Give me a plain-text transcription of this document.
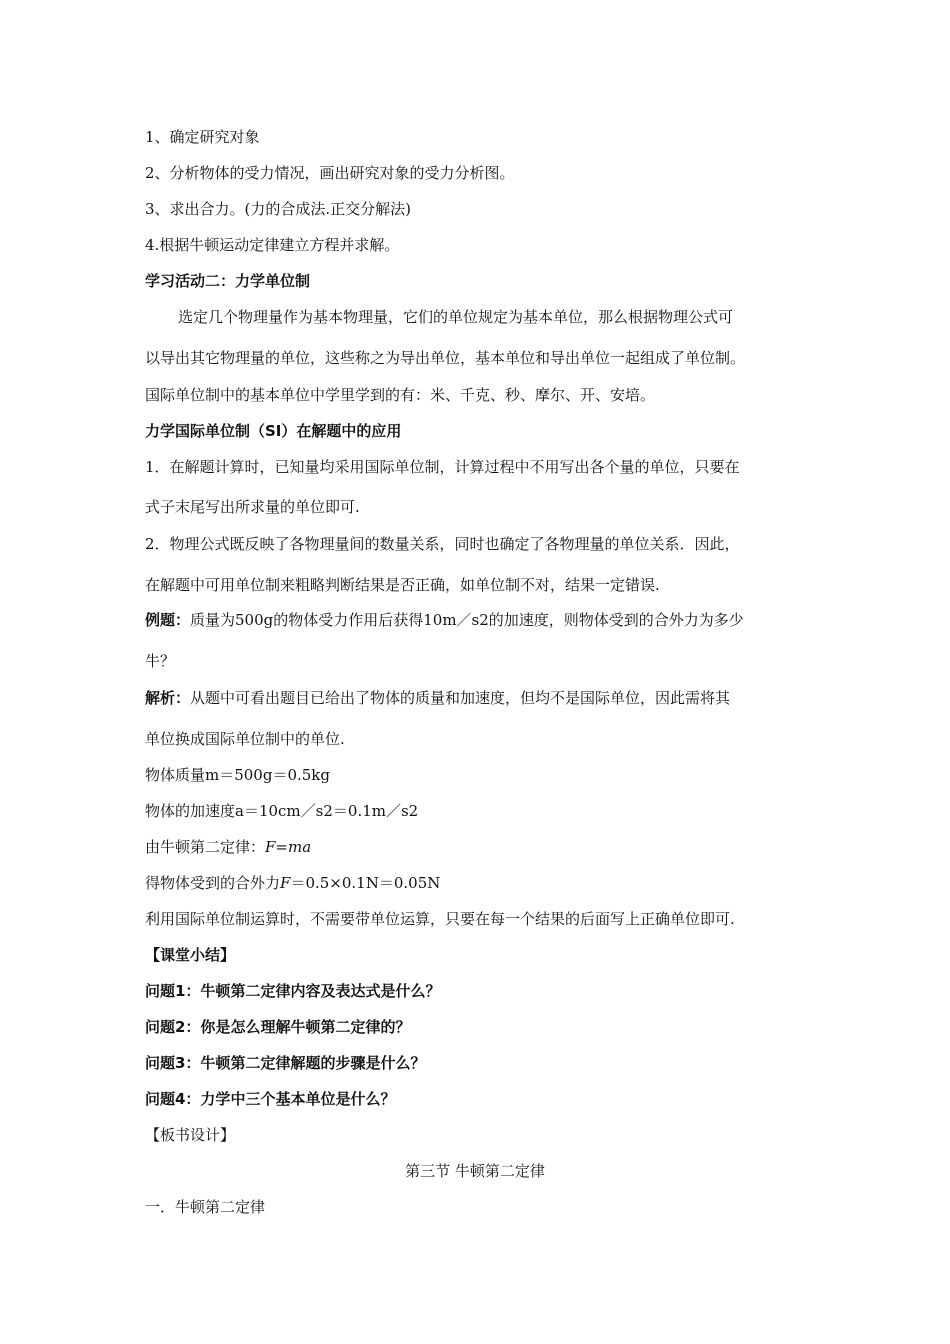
1、确定研究对象
2、分析物体的受力情况，画出研究对象的受力分析图。
3、求出合力。(力的合成法.正交分解法)
4.根据牛顿运动定律建立方程并求解。
学习活动二：力学单位制
选定几个物理量作为基本物理量，它们的单位规定为基本单位，那么根据物理公式可
以导出其它物理量的单位，这些称之为导出单位，基本单位和导出单位一起组成了单位制。
国际单位制中的基本单位中学里学到的有：米、千克、秒、摩尔、开、安培。
力学国际单位制（SI）在解题中的应用
1．在解题计算时，已知量均采用国际单位制，计算过程中不用写出各个量的单位，只要在
式子末尾写出所求量的单位即可.
2．物理公式既反映了各物理量间的数量关系，同时也确定了各物理量的单位关系．因此，
在解题中可用单位制来粗略判断结果是否正确，如单位制不对，结果一定错误.
例题：质量为500g的物体受力作用后获得10m／s2的加速度，则物体受到的合外力为多少
牛？
解析：从题中可看出题目已给出了物体的质量和加速度，但均不是国际单位，因此需将其
单位换成国际单位制中的单位.
物体质量m＝500g＝0.5kg
物体的加速度a＝10cm／s2＝0.1m／s2
由牛顿第二定律：F=ma
得物体受到的合外力F＝0.5×0.1N＝0.05N
利用国际单位制运算时，不需要带单位运算，只要在每一个结果的后面写上正确单位即可.
【课堂小结】
问题1：牛顿第二定律内容及表达式是什么？
问题2：你是怎么理解牛顿第二定律的？
问题3：牛顿第二定律解题的步骤是什么？
问题4：力学中三个基本单位是什么？
【板书设计】
第三节 牛顿第二定律
一．牛顿第二定律
